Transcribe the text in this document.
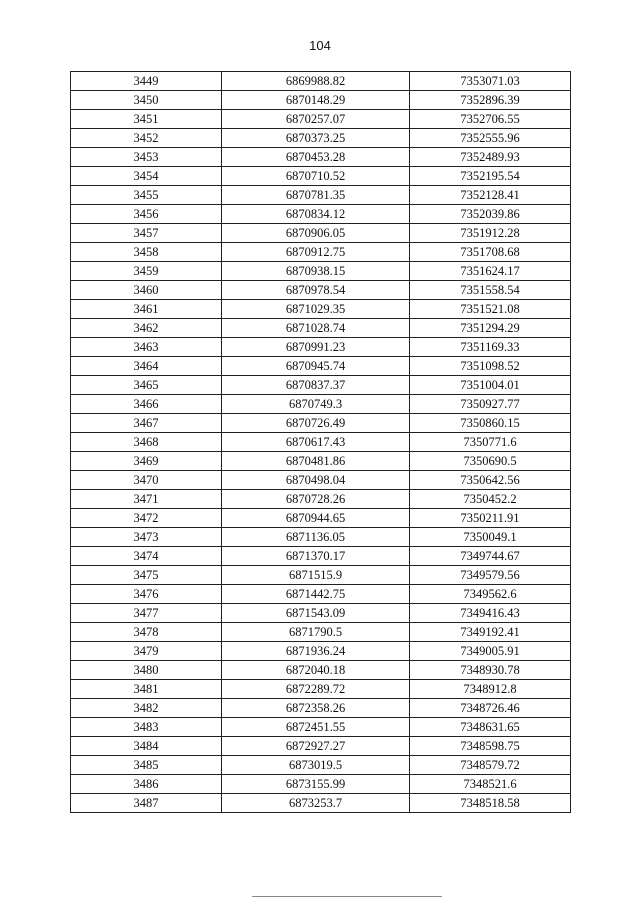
104
3449	6869988.82	7353071.03
3450	6870148.29	7352896.39
3451	6870257.07	7352706.55
3452	6870373.25	7352555.96
3453	6870453.28	7352489.93
3454	6870710.52	7352195.54
3455	6870781.35	7352128.41
3456	6870834.12	7352039.86
3457	6870906.05	7351912.28
3458	6870912.75	7351708.68
3459	6870938.15	7351624.17
3460	6870978.54	7351558.54
3461	6871029.35	7351521.08
3462	6871028.74	7351294.29
3463	6870991.23	7351169.33
3464	6870945.74	7351098.52
3465	6870837.37	7351004.01
3466	6870749.3	7350927.77
3467	6870726.49	7350860.15
3468	6870617.43	7350771.6
3469	6870481.86	7350690.5
3470	6870498.04	7350642.56
3471	6870728.26	7350452.2
3472	6870944.65	7350211.91
3473	6871136.05	7350049.1
3474	6871370.17	7349744.67
3475	6871515.9	7349579.56
3476	6871442.75	7349562.6
3477	6871543.09	7349416.43
3478	6871790.5	7349192.41
3479	6871936.24	7349005.91
3480	6872040.18	7348930.78
3481	6872289.72	7348912.8
3482	6872358.26	7348726.46
3483	6872451.55	7348631.65
3484	6872927.27	7348598.75
3485	6873019.5	7348579.72
3486	6873155.99	7348521.6
3487	6873253.7	7348518.58
